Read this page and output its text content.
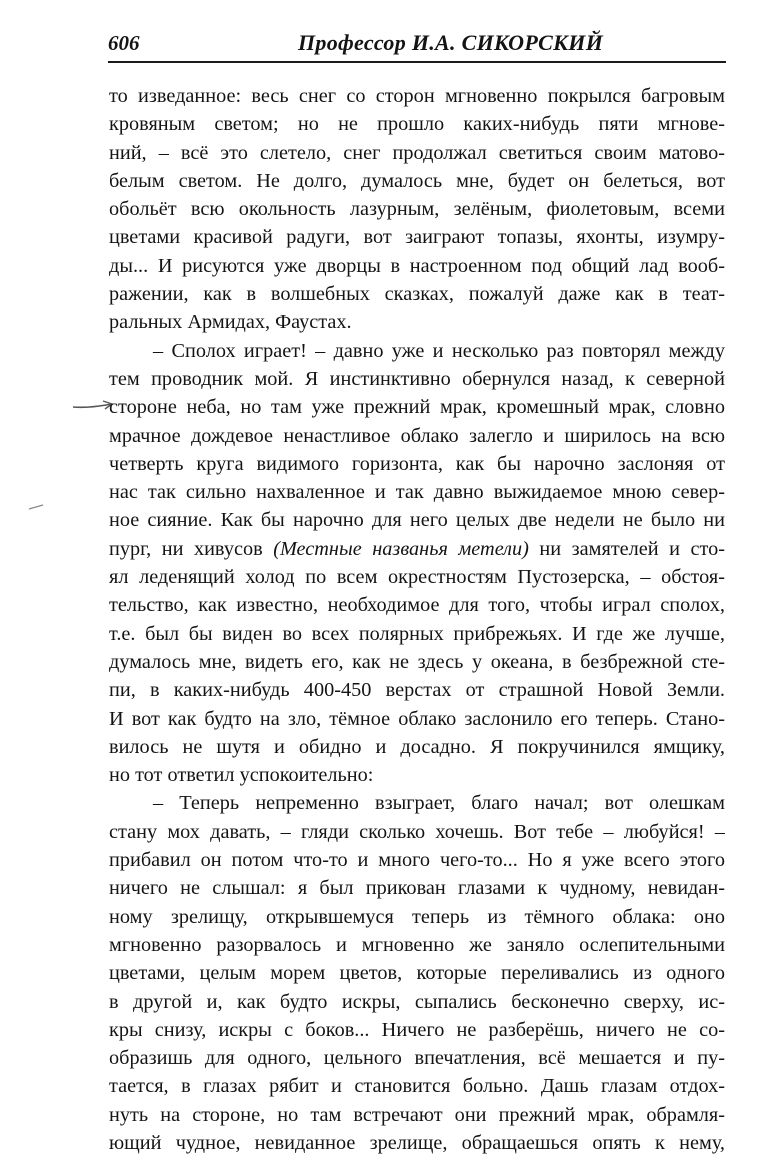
606	Профессор И.А. СИКОРСКИЙ
то изведанное: весь снег со сторон мгновенно покрылся багровым
кровяным светом; но не прошло каких-нибудь пяти мгнове-
ний, – всё это слетело, снег продолжал светиться своим матово-
белым светом. Не долго, думалось мне, будет он белеться, вот
обольёт всю окольность лазурным, зелёным, фиолетовым, всеми
цветами красивой радуги, вот заиграют топазы, яхонты, изумру-
ды... И рисуются уже дворцы в настроенном под общий лад вооб-
ражении, как в волшебных сказках, пожалуй даже как в теат-
ральных Армидах, Фаустах.
– Сполох играет! – давно уже и несколько раз повторял между
тем проводник мой. Я инстинктивно обернулся назад, к северной
стороне неба, но там уже прежний мрак, кромешный мрак, словно
мрачное дождевое ненастливое облако залегло и ширилось на всю
четверть круга видимого горизонта, как бы нарочно заслоняя от
нас так сильно нахваленное и так давно выжидаемое мною север-
ное сияние. Как бы нарочно для него целых две недели не было ни
пург, ни хивусов (Местные названья метели) ни замятелей и сто-
ял леденящий холод по всем окрестностям Пустозерска, – обстоя-
тельство, как известно, необходимое для того, чтобы играл сполох,
т.е. был бы виден во всех полярных прибрежьях. И где же лучше,
думалось мне, видеть его, как не здесь у океана, в безбрежной сте-
пи, в каких-нибудь 400-450 верстах от страшной Новой Земли.
И вот как будто на зло, тёмное облако заслонило его теперь. Стано-
вилось не шутя и обидно и досадно. Я покручинился ямщику,
но тот ответил успокоительно:
– Теперь непременно взыграет, благо начал; вот олешкам
стану мох давать, – гляди сколько хочешь. Вот тебе – любуйся! –
прибавил он потом что-то и много чего-то... Но я уже всего этого
ничего не слышал: я был прикован глазами к чудному, невидан-
ному зрелищу, открывшемуся теперь из тёмного облака: оно
мгновенно разорвалось и мгновенно же заняло ослепительными
цветами, целым морем цветов, которые переливались из одного
в другой и, как будто искры, сыпались бесконечно сверху, ис-
кры снизу, искры с боков... Ничего не разберёшь, ничего не со-
образишь для одного, цельного впечатления, всё мешается и пу-
тается, в глазах рябит и становится больно. Дашь глазам отдох-
нуть на стороне, но там встречают они прежний мрак, обрамля-
ющий чудное, невиданное зрелище, обращаешься опять к нему,
